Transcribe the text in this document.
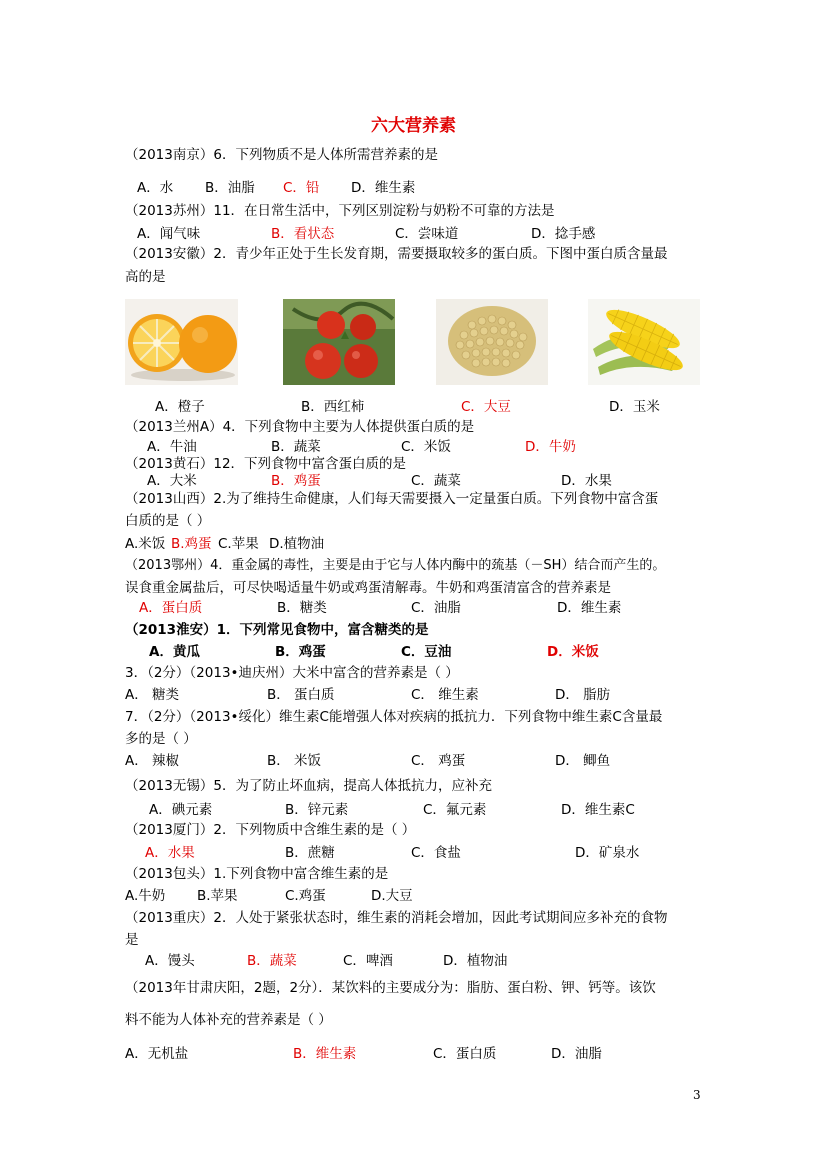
六大营养素
（2013南京）6．下列物质不是人体所需营养素的是
A．水 B．油脂 C．铅 D．维生素
（2013苏州）11．在日常生活中，下列区别淀粉与奶粉不可靠的方法是
A．闻气味	B．看状态	C．尝味道	D．捻手感
（2013安徽）2．青少年正处于生长发育期，需要摄取较多的蛋白质。下图中蛋白质含量最
高的是
A．橙子	B．西红柿	C．大豆	D．玉米
（2013兰州A）4．下列食物中主要为人体提供蛋白质的是
A．牛油	B．蔬菜	C．米饭	D．牛奶
（2013黄石）12．下列食物中富含蛋白质的是
A．大米	B．鸡蛋	C．蔬菜	D．水果
（2013山西）2.为了维持生命健康，人们每天需要摄入一定量蛋白质。下列食物中富含蛋
白质的是（ ）
A.米饭 B.鸡蛋 C.苹果 D.植物油
（2013鄂州）4．重金属的毒性，主要是由于它与人体内酶中的巯基（－SH）结合而产生的。
误食重金属盐后，可尽快喝适量牛奶或鸡蛋清解毒。牛奶和鸡蛋清富含的营养素是
A．蛋白质	B．糖类	C．油脂	D．维生素
（2013淮安）1．下列常见食物中，富含糖类的是
A．黄瓜	B．鸡蛋	C．豆油	D．米饭
3．（2分）（2013•迪庆州）大米中富含的营养素是（ ）
A． 糖类	B． 蛋白质	C． 维生素	D． 脂肪
7．（2分）（2013•绥化）维生素C能增强人体对疾病的抵抗力．下列食物中维生素C含量最
多的是（ ）
A． 辣椒	B． 米饭	C． 鸡蛋	D． 鲫鱼
（2013无锡）5．为了防止坏血病，提高人体抵抗力，应补充
A．碘元素	B．锌元素	C．氟元素	D．维生素C
（2013厦门）2．下列物质中含维生素的是（ ）
A．水果	B．蔗糖	C．食盐	D．矿泉水
（2013包头）1.下列食物中富含维生素的是
A.牛奶 B.苹果	C.鸡蛋	D.大豆
（2013重庆）2．人处于紧张状态时，维生素的消耗会增加，因此考试期间应多补充的食物
是
A．馒头	B．蔬菜	C．啤酒	D．植物油
（2013年甘肃庆阳，2题，2分）．某饮料的主要成分为：脂肪、蛋白粉、钾、钙等。该饮
料不能为人体补充的营养素是（ ）
A．无机盐	B．维生素	C．蛋白质	D．油脂
3
